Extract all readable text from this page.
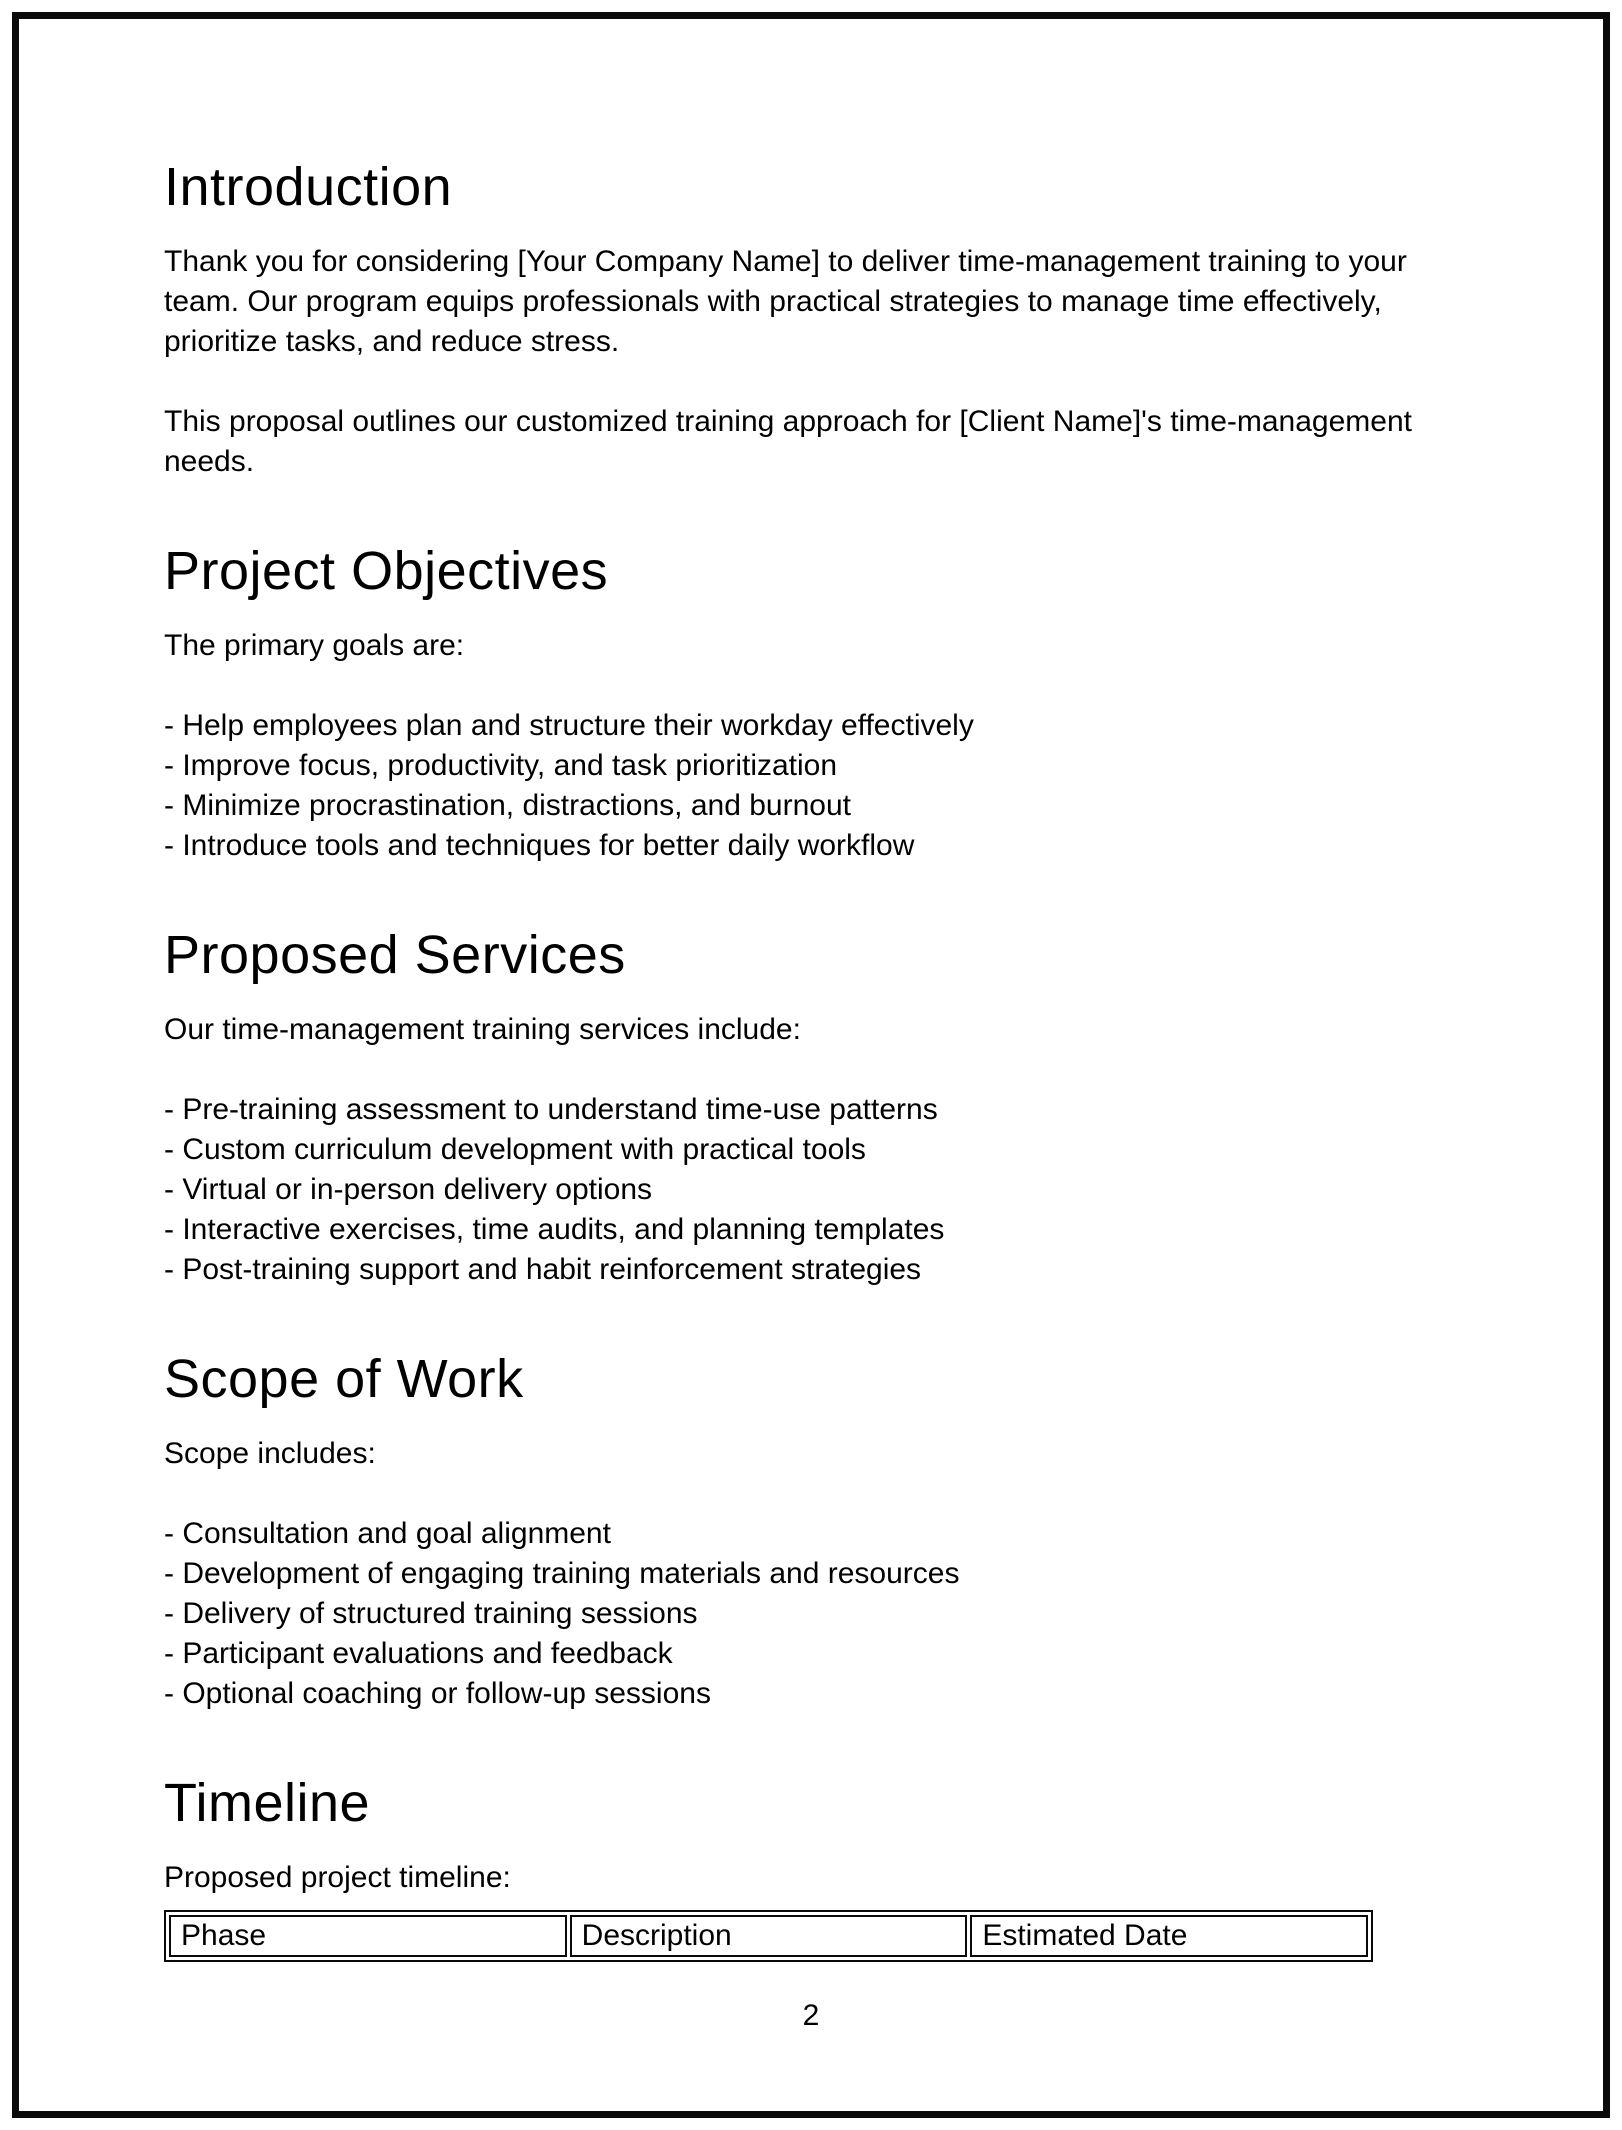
Introduction

Thank you for considering [Your Company Name] to deliver time-management training to your team. Our program equips professionals with practical strategies to manage time effectively, prioritize tasks, and reduce stress.

This proposal outlines our customized training approach for [Client Name]'s time-management needs.

Project Objectives

The primary goals are:

- Help employees plan and structure their workday effectively
- Improve focus, productivity, and task prioritization
- Minimize procrastination, distractions, and burnout
- Introduce tools and techniques for better daily workflow
Proposed Services

Our time-management training services include:

- Pre-training assessment to understand time-use patterns
- Custom curriculum development with practical tools
- Virtual or in-person delivery options
- Interactive exercises, time audits, and planning templates
- Post-training support and habit reinforcement strategies
Scope of Work

Scope includes:

- Consultation and goal alignment
- Development of engaging training materials and resources
- Delivery of structured training sessions
- Participant evaluations and feedback
- Optional coaching or follow-up sessions
Timeline

Proposed project timeline:

Phase	Description	Estimated Date
2
